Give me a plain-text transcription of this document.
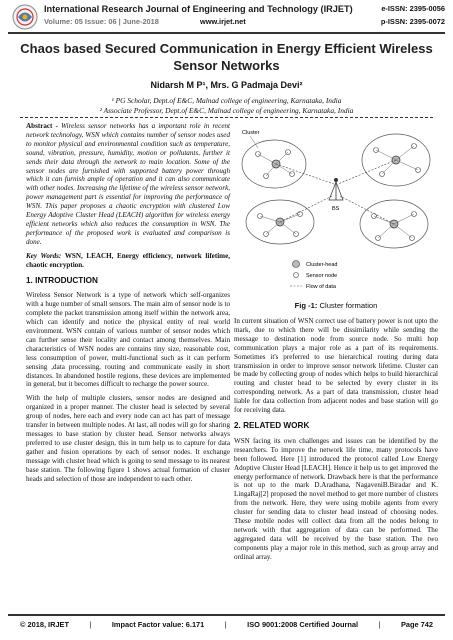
International Research Journal of Engineering and Technology (IRJET)
Volume: 05 Issue: 06 | June-2018	www.irjet.net
e-ISSN: 2395-0056
p-ISSN: 2395-0072
Chaos based Secured Communication in Energy Efficient Wireless
Sensor Networks
Nidarsh M P¹, Mrs. G Padmaja Devi²
¹ PG Scholar, Dept.of E&C, Malnad college of engineering, Karnataka, India
² Associate Professor, Dept.of E&C, Malnad college of engineering, Karnataka, India

Abstract - Wireless sensor networks has a important role in recent network technology, WSN which contains number of sensor nodes used to monitor physical and environmental condition such as temperature, sound, vibration, pressure, humidity, motion or pollutants, further it sends their data through the network to main location. Some of the sensor nodes are furnished with supported battery power through which it can furnish ample of operation and it can also communicate with other nodes. Increasing the lifetime of the wireless sensor network, power management part is essential for improving the performance of WSN. This paper proposes a chaotic encryption with clustered Low Energy Adoptive Cluster Head (LEACH) algorithm for wireless energy efficient networks which also reduces the consumption in WSN. The performance of the proposed work is evaluated and comparison is done.

Key Words: WSN, LEACH, Energy efficiency, network lifetime, chaotic encryption.

1. INTRODUCTION

Wireless Sensor Network is a type of network which self-organizes with a huge number of small sensors. The main aim of sensor node is to complete the packet transmission among itself within the network area, which can identify and notice the physical entity of real world environment. WSN contain of various number of sensor nodes which can further sense their locality and contact among themselves. Main characteristics of WSN nodes are contains tiny size, reasonable cost, less consumption of power, multi-functional such as it can perform sensing ,data processing, routing and communicate easily in short distances. In abandoned hostile regions, these devices are implemented in general, but it becomes difficult to recharge the power source.

With the help of multiple clusters, sensor nodes are designed and organized in a proper manner. The cluster head is selected by several group of nodes, here each and every node can act has part of message transfer in between multiple nodes. At last, all nodes will go for sharing messages to base station by cluster head. Sensor networks always preferred to use cluster design, this in turn help us to capture for data gather and fusion operations by each of sensor nodes. It exchange message with cluster head which is going to send message to its nearest base station. The following figure 1 shows actual formation of cluster heads and selection of those are independent to each other.

Cluster
BS
Cluster-head
Sensor node
Flow of data
Fig -1: Cluster formation

In current situation of WSN correct use of battery power is not upto the mark, due to which there will be dissimilarity while sending the message to destination node from source node. So multi hop communication plays a major role as a part of its requirements. Sometimes it's preferred to use hierarchical routing during data transmission in order to improve sensor network lifetime. Cluster can be made by collecting group of nodes which helps to build hierarchical routing and cluster head to be selected by every cluster in its corresponding network. As a part of data transmission, cluster head liable for data collection from adjacent nodes and base station will go for receiving data.

2. RELATED WORK

WSN facing its own challenges and issues can be identified by the researchers. To improve the network life time, many protocols have been followed. Here [1] introduced the protocol called Low Energy Adoptive Cluster Head [LEACH]. Hence it help us to get improved the energy performance of network. Drawback here is that the performance is not up to the mark D.Aradhana, NagaveniB.Biradar and K. LingaRaj[2] proposed the novel method to get more number of clusters from the network. Here, they were using mobile agents from every cluster for sending data to cluster head instead of choosing nodes. These mobile nodes will collect data from all the nodes belong to network with that aggregation of data can be performed. The aggregated data will be received by the base station. The two components play a major role in this method, such as group array and ordinal array.

© 2018, IRJET	|	Impact Factor value: 6.171	|	ISO 9001:2008 Certified Journal	|	Page 742
